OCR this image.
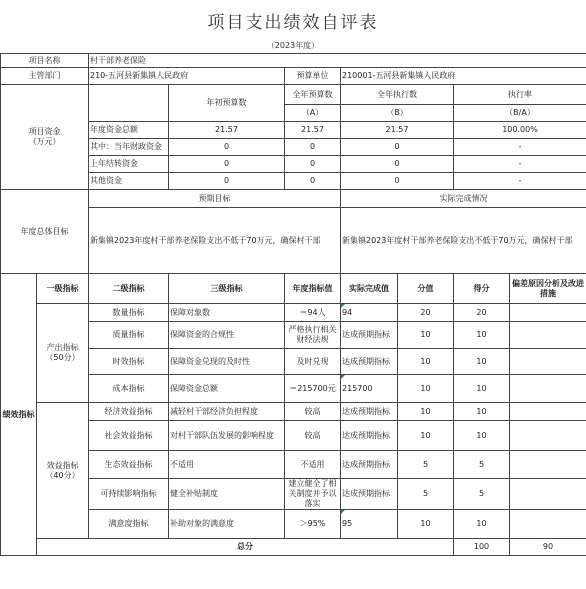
项目支出绩效自评表
（2023年度）
项目名称		村干部养老保险							
主管部门		210-五河县新集镇人民政府		预算单位	210001-五河县新集镇人民政府				
项目资金
（万元）			年初预算数	全年预算数	全年执行数		执行率		
				（A）	（B）		（B/A）		
		年度资金总额	21.57	21.57	21.57		100.00%		
		其中：当年财政资金	0	0	0		-		
		上年结转资金	0	0	0		-		
		其他资金	0	0	0		-		
年度总体目标		预期目标			实际完成情况				
		新集镇2023年度村干部养老保险支出不低于70万元，确保村干部			新集镇2023年度村干部养老保险支出不低于70万元，确保村干部				
绩效指标	一级指标	二级指标	三级指标	年度指标值	实际完成值	分值	得分	偏差原因分析及改进措施	
	产出指标（50分）	数量指标	保障对象数	＝94人	94	20	20		
		质量指标	保障资金的合规性	严格执行相关财经法规	达成预期指标	10	10		
		时效指标	保障资金兑现的及时性	及时兑现	达成预期指标	10	10		
		成本指标	保障资金总额	＝215700元	215700	10	10		
	效益指标（40分）	经济效益指标	减轻村干部经济负担程度	较高	达成预期指标	10	10		
		社会效益指标	对村干部队伍发展的影响程度	较高	达成预期指标	10	10		
		生态效益指标	不适用	不适用	达成预期指标	5	5		
		可持续影响指标	健全补贴制度	建立健全了相关制度并予以落实	达成预期指标	5	5		
		满意度指标	补助对象的满意度	＞95%	95	10	10		
	总分						100	90	
